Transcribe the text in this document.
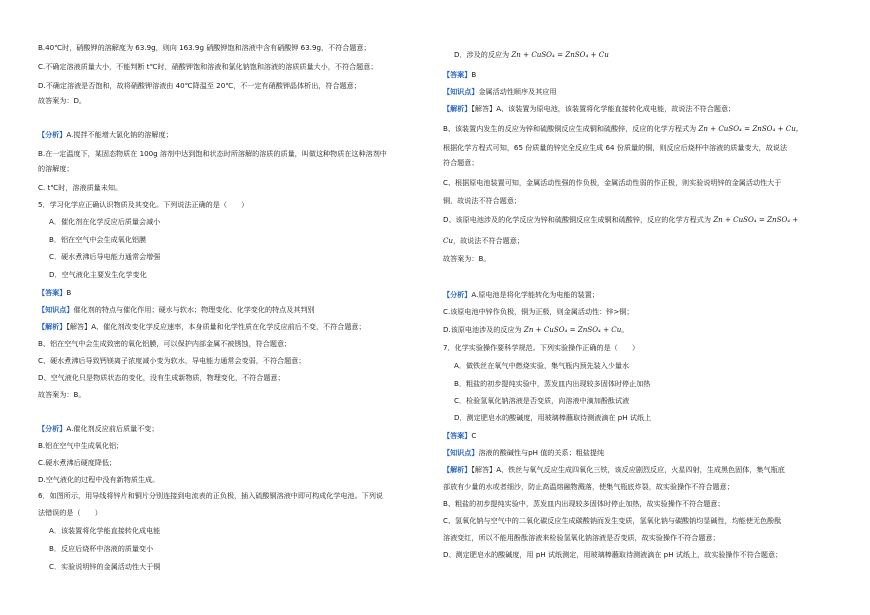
B.40℃时，硝酸钾的溶解度为 63.9g，则向 163.9g 硝酸钾饱和溶液中含有硝酸钾 63.9g，不符合题意；
C.不确定溶液质量大小，不能判断 t℃时，硝酸钾饱和溶液和氯化钠饱和溶液的溶质质量大小，不符合题意；
D.不确定溶液是否饱和，故将硝酸钾溶液由 40℃降温至 20℃，不一定有硝酸钾晶体析出，符合题意；
故答案为：D。
【分析】A.搅拌不能增大氯化钠的溶解度；
B.在一定温度下，某固态物质在 100g 溶剂中达到饱和状态时所溶解的溶质的质量，叫做这种物质在这种溶剂中
的溶解度；
C. t℃时，溶液质量未知。
5．学习化学应正确认识物质及其变化。下列说法正确的是（　　）
A．催化剂在化学反应后质量会减小
B．铝在空气中会生成氧化铝膜
C．硬水煮沸后导电能力通常会增强
D．空气液化主要发生化学变化
【答案】B
【知识点】催化剂的特点与催化作用；硬水与软水；物理变化、化学变化的特点及其判别
【解析】【解答】A、催化剂改变化学反应速率，本身质量和化学性质在化学反应前后不变，不符合题意；
B、铝在空气中会生成致密的氧化铝膜，可以保护内部金属不被锈蚀，符合题意；
C、硬水煮沸后导致钙镁离子浓度减小变为软水，导电能力通常会变弱，不符合题意；
D、空气液化只是物质状态的变化，没有生成新物质，物理变化，不符合题意；
故答案为：B。
【分析】A.催化剂反应前后质量不变；
B.铝在空气中生成氧化铝；
C.硬水煮沸后硬度降低；
D.空气液化的过程中没有新物质生成。
6．如图所示，用导线将锌片和铜片分别连接到电流表的正负极，插入硫酸铜溶液中即可构成化学电池。下列说
法错误的是（　　）
A．该装置将化学能直接转化成电能
B．反应后烧杯中溶液的质量变小
C．实验说明锌的金属活动性大于铜
D．涉及的反应为 Zn + CuSO₄ = ZnSO₄ + Cu
【答案】B
【知识点】金属活动性顺序及其应用
【解析】【解答】A、该装置为原电池，该装置将化学能直接转化成电能，故说法不符合题意；
B、该装置内发生的反应为锌和硫酸铜反应生成铜和硫酸锌，反应的化学方程式为 Zn + CuSO₄ = ZnSO₄ + Cu，
根据化学方程式可知，65 份质量的锌完全反应生成 64 份质量的铜，则反应后烧杯中溶液的质量变大，故说法
符合题意；
C、根据原电池装置可知，金属活动性强的作负极，金属活动性弱的作正极，则实验说明锌的金属活动性大于
铜，故说法不符合题意；
D、该原电池涉及的化学反应为锌和硫酸铜反应生成铜和硫酸锌，反应的化学方程式为 Zn + CuSO₄ = ZnSO₄ +
Cu，故说法不符合题意；
故答案为：B。
【分析】A.原电池是将化学能转化为电能的装置；
C.该原电池中锌作负极，铜为正极，则金属活动性：锌>铜；
D.该原电池涉及的反应为 Zn + CuSO₄ = ZnSO₄ + Cu。
7．化学实验操作要科学规范。下列实验操作正确的是（　　）
A．做铁丝在氧气中燃烧实验，集气瓶内预先装入少量水
B．粗盐的初步提纯实验中，蒸发皿内出现较多固体时停止加热
C．检验氢氧化钠溶液是否变质，向溶液中滴加酚酞试液
D．测定肥皂水的酸碱度，用玻璃棒蘸取待测液滴在 pH 试纸上
【答案】C
【知识点】溶液的酸碱性与pH 值的关系；粗盐提纯
【解析】【解答】A、铁丝与氧气反应生成四氧化三铁，该反应剧烈反应，火星四射，生成黑色固体，集气瓶底
部放有少量的水或者细沙，防止高温熔融物溅落，使集气瓶底炸裂，故实验操作不符合题意；
B、粗盐的初步提纯实验中，蒸发皿内出现较多固体时停止加热，故实验操作不符合题意；
C、氢氧化钠与空气中的二氧化碳反应生成碳酸钠而发生变质，氢氧化钠与碳酸钠均显碱性，均能使无色酚酞
溶液变红，所以不能用酚酞溶液来检验氢氧化钠溶液是否变质，故实验操作不符合题意；
D、测定肥皂水的酸碱度，用 pH 试纸测定，用玻璃棒蘸取待测液滴在 pH 试纸上，故实验操作不符合题意；
